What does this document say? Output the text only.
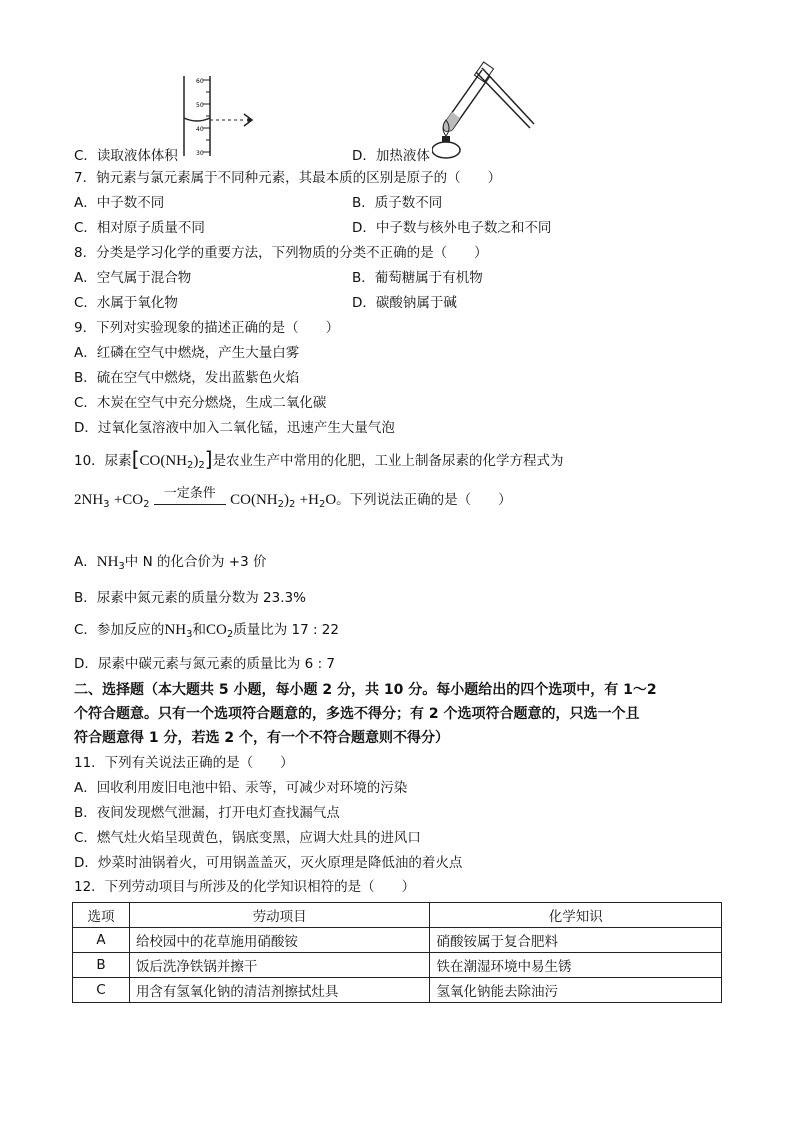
60
50
40
30
C．读取液体体积	D．加热液体
7．钠元素与氯元素属于不同种元素，其最本质的区别是原子的（　　）
A．中子数不同	B．质子数不同
C．相对原子质量不同	D．中子数与核外电子数之和不同
8．分类是学习化学的重要方法，下列物质的分类不正确的是（　　）
A．空气属于混合物	B．葡萄糖属于有机物
C．水属于氧化物	D．碳酸钠属于碱
9．下列对实验现象的描述正确的是（　　）
A．红磷在空气中燃烧，产生大量白雾
B．硫在空气中燃烧，发出蓝紫色火焰
C．木炭在空气中充分燃烧，生成二氧化碳
D．过氧化氢溶液中加入二氧化锰，迅速产生大量气泡
10．尿素$[CO(NH_2)_2]$是农业生产中常用的化肥，工业上制备尿素的化学方程式为
$2NH_3 +CO_2$
一定条件 $CO(NH_2)_2 +H_2O$。下列说法正确的是（　　）
A．$NH_3$中 N 的化合价为 +3 价
B．尿素中氮元素的质量分数为 23.3%
C．参加反应的$NH_3$和$CO_2$质量比为 17 : 22
D．尿素中碳元素与氮元素的质量比为 6 : 7
二、选择题（本大题共 5 小题，每小题 2 分，共 10 分。每小题给出的四个选项中，有 1～2
个符合题意。只有一个选项符合题意的，多选不得分；有 2 个选项符合题意的，只选一个且
符合题意得 1 分，若选 2 个，有一个不符合题意则不得分）
11．下列有关说法正确的是（　　）
A．回收利用废旧电池中铅、汞等，可减少对环境的污染
B．夜间发现燃气泄漏，打开电灯查找漏气点
C．燃气灶火焰呈现黄色，锅底变黑，应调大灶具的进风口
D．炒菜时油锅着火，可用锅盖盖灭，灭火原理是降低油的着火点
12．下列劳动项目与所涉及的化学知识相符的是（　　）
选项	劳动项目	化学知识
A	给校园中的花草施用硝酸铵	硝酸铵属于复合肥料
B	饭后洗净铁锅并擦干	铁在潮湿环境中易生锈
C	用含有氢氧化钠的清洁剂擦拭灶具	氢氧化钠能去除油污
